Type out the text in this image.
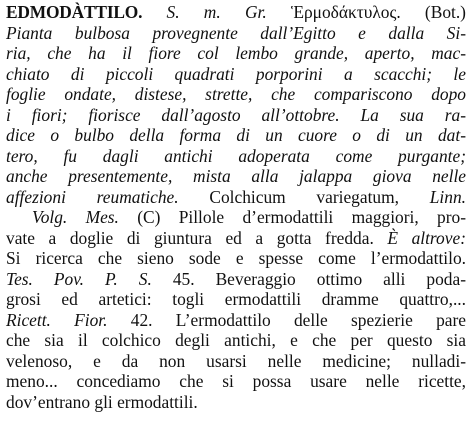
EDMODÀTTILO. S. m. Gr. Ἑρμοδάκτυλος. (Bot.)
Pianta bulbosa provegnente dall’Egitto e dalla Si-
ria, che ha il fiore col lembo grande, aperto, mac-
chiato di piccoli quadrati porporini a scacchi; le
foglie ondate, distese, strette, che compariscono dopo
i fiori; fiorisce dall’agosto all’ottobre. La sua ra-
dice o bulbo della forma di un cuore o di un dat-
tero, fu dagli antichi adoperata come purgante;
anche presentemente, mista alla jalappa giova nelle
affezioni reumatiche. Colchicum variegatum, Linn.
Volg. Mes. (C) Pillole d’ermodattili maggiori, pro-
vate a doglie di giuntura ed a gotta fredda. È altrove:
Si ricerca che sieno sode e spesse come l’ermodattilo.
Tes. Pov. P. S. 45. Beveraggio ottimo alli poda-
grosi ed artetici: togli ermodattili dramme quattro,...
Ricett. Fior. 42. L’ermodattilo delle spezierie pare
che sia il colchico degli antichi, e che per questo sia
velenoso, e da non usarsi nelle medicine; nulladi-
meno... concediamo che si possa usare nelle ricette,
dov’entrano gli ermodattili.
